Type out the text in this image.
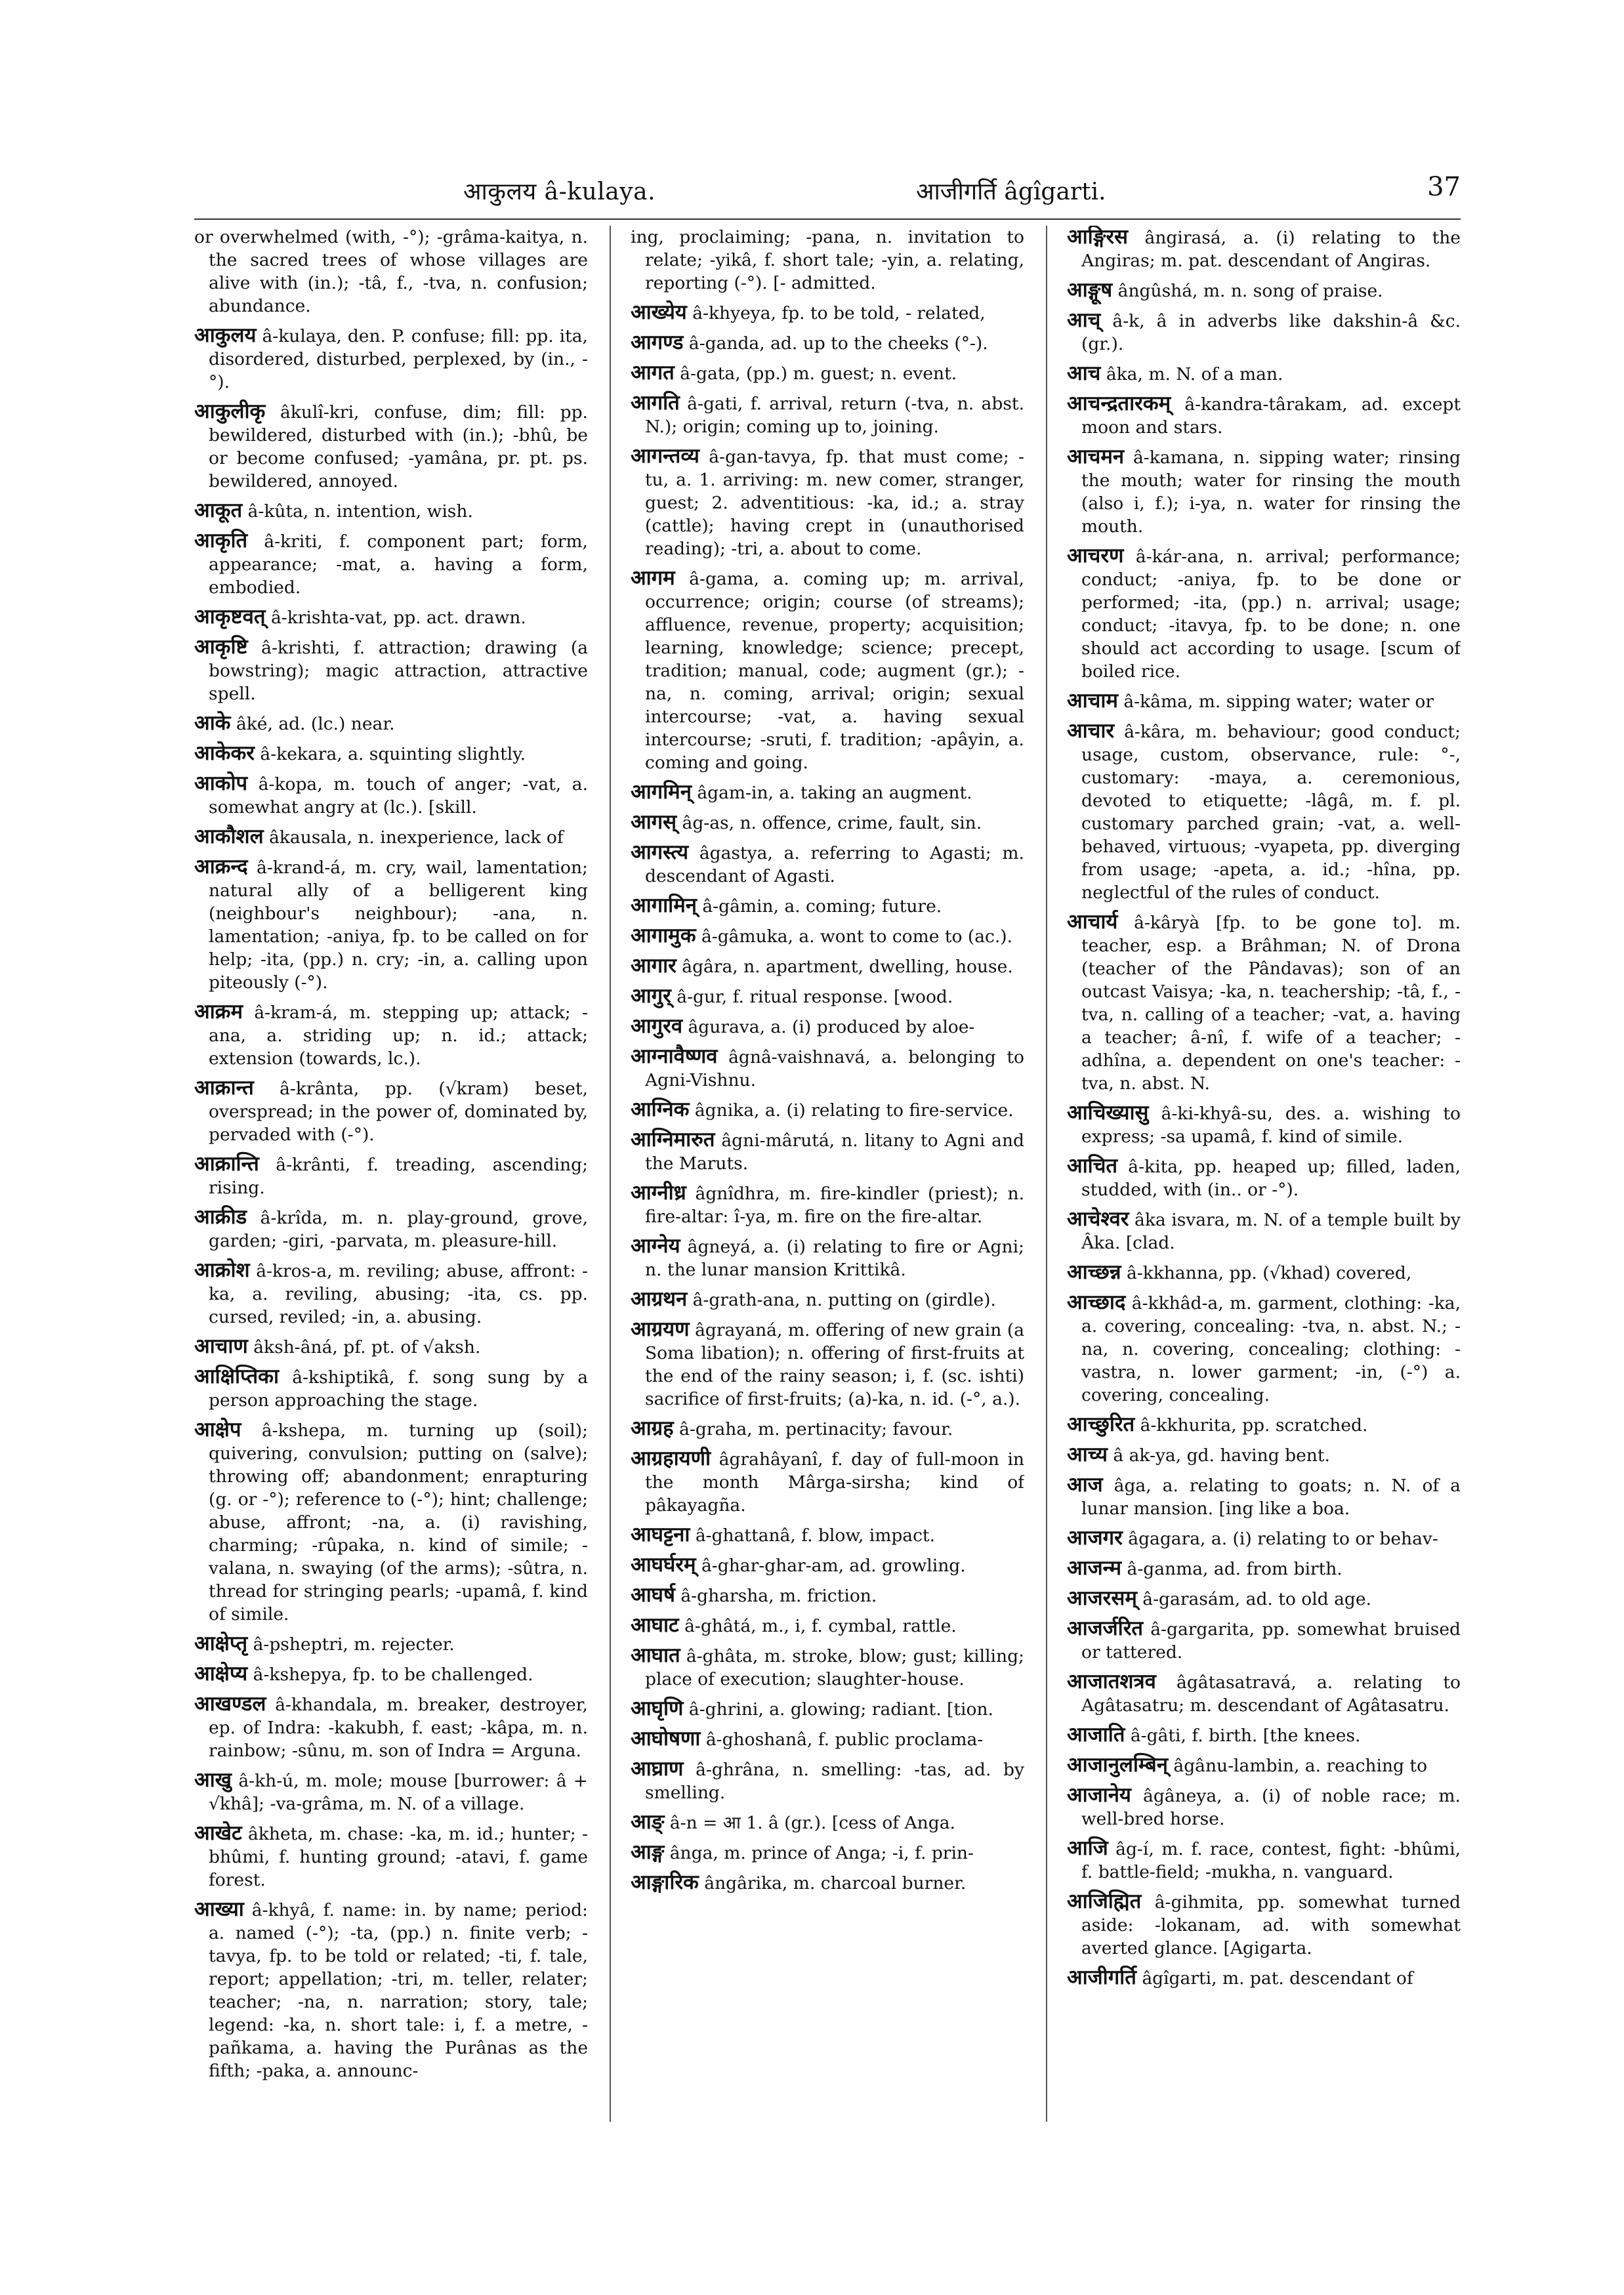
आकुलय â-kulaya.	आजीगर्ति âgîgarti.	37

or overwhelmed (with, -°); -grâma-kaitya, n. the sacred trees of whose villages are alive with (in.); -tâ, f., -tva, n. confusion; abundance.

आकुलय â-kulaya, den. P. confuse; fill: pp. ita, disordered, disturbed, perplexed, by (in., -°).

आकुलीकृ âkulî-kri, confuse, dim; fill: pp. bewildered, disturbed with (in.); -bhû, be or become confused; -yamâna, pr. pt. ps. bewildered, annoyed.

आकूत â-kûta, n. intention, wish.

आकृति â-kriti, f. component part; form, appearance; -mat, a. having a form, embodied.

आकृष्टवत् â-krishta-vat, pp. act. drawn.

आकृष्टि â-krishti, f. attraction; drawing (a bowstring); magic attraction, attractive spell.

आके âké, ad. (lc.) near.

आकेकर â-kekara, a. squinting slightly.

आकोप â-kopa, m. touch of anger; -vat, a. somewhat angry at (lc.). [skill.

आकौशल âkausala, n. inexperience, lack of

आक्रन्द â-krand-á, m. cry, wail, lamentation; natural ally of a belligerent king (neighbour's neighbour); -ana, n. lamentation; -aniya, fp. to be called on for help; -ita, (pp.) n. cry; -in, a. calling upon piteously (-°).

आक्रम â-kram-á, m. stepping up; attack; -ana, a. striding up; n. id.; attack; extension (towards, lc.).

आक्रान्त â-krânta, pp. (√kram) beset, overspread; in the power of, dominated by, pervaded with (-°).

आक्रान्ति â-krânti, f. treading, ascending; rising.

आक्रीड â-krîda, m. n. play-ground, grove, garden; -giri, -parvata, m. pleasure-hill.

आक्रोश â-kros-a, m. reviling; abuse, affront: -ka, a. reviling, abusing; -ita, cs. pp. cursed, reviled; -in, a. abusing.

आचाण âksh-âná, pf. pt. of √aksh.

आक्षिप्तिका â-kshiptikâ, f. song sung by a person approaching the stage.

आक्षेप â-kshepa, m. turning up (soil); quivering, convulsion; putting on (salve); throwing off; abandonment; enrapturing (g. or -°); reference to (-°); hint; challenge; abuse, affront; -na, a. (i) ravishing, charming; -rûpaka, n. kind of simile; -valana, n. swaying (of the arms); -sûtra, n. thread for stringing pearls; -upamâ, f. kind of simile.

आक्षेप्तृ â-psheptri, m. rejecter.

आक्षेप्य â-kshepya, fp. to be challenged.

आखण्डल â-khandala, m. breaker, destroyer, ep. of Indra: -kakubh, f. east; -kâpa, m. n. rainbow; -sûnu, m. son of Indra = Arguna.

आखु â-kh-ú, m. mole; mouse [burrower: â + √khâ]; -va-grâma, m. N. of a village.

आखेट âkheta, m. chase: -ka, m. id.; hunter; -bhûmi, f. hunting ground; -atavi, f. game forest.

आख्या â-khyâ, f. name: in. by name; period: a. named (-°); -ta, (pp.) n. finite verb; -tavya, fp. to be told or related; -ti, f. tale, report; appellation; -tri, m. teller, relater; teacher; -na, n. narration; story, tale; legend: -ka, n. short tale: i, f. a metre, -pañkama, a. having the Purânas as the fifth; -paka, a. announc-

ing, proclaiming; -pana, n. invitation to relate; -yikâ, f. short tale; -yin, a. relating, reporting (-°). [- admitted.

आख्येय â-khyeya, fp. to be told, - related,

आगण्ड â-ganda, ad. up to the cheeks (°-).

आगत â-gata, (pp.) m. guest; n. event.

आगति â-gati, f. arrival, return (-tva, n. abst. N.); origin; coming up to, joining.

आगन्तव्य â-gan-tavya, fp. that must come; -tu, a. 1. arriving: m. new comer, stranger, guest; 2. adventitious: -ka, id.; a. stray (cattle); having crept in (unauthorised reading); -tri, a. about to come.

आगम â-gama, a. coming up; m. arrival, occurrence; origin; course (of streams); affluence, revenue, property; acquisition; learning, knowledge; science; precept, tradition; manual, code; augment (gr.); -na, n. coming, arrival; origin; sexual intercourse; -vat, a. having sexual intercourse; -sruti, f. tradition; -apâyin, a. coming and going.

आगमिन् âgam-in, a. taking an augment.

आगस् âg-as, n. offence, crime, fault, sin.

आगस्त्य âgastya, a. referring to Agasti; m. descendant of Agasti.

आगामिन् â-gâmin, a. coming; future.

आगामुक â-gâmuka, a. wont to come to (ac.).

आगार âgâra, n. apartment, dwelling, house.

आगुर् â-gur, f. ritual response. [wood.

आगुरव âgurava, a. (i) produced by aloe-

आग्नावैष्णव âgnâ-vaishnavá, a. belonging to Agni-Vishnu.

आग्निक âgnika, a. (i) relating to fire-service.

आग्निमारुत âgni-mârutá, n. litany to Agni and the Maruts.

आग्नीध्र âgnîdhra, m. fire-kindler (priest); n. fire-altar: î-ya, m. fire on the fire-altar.

आग्नेय âgneyá, a. (i) relating to fire or Agni; n. the lunar mansion Krittikâ.

आग्रथन â-grath-ana, n. putting on (girdle).

आग्रयण âgrayaná, m. offering of new grain (a Soma libation); n. offering of first-fruits at the end of the rainy season; i, f. (sc. ishti) sacrifice of first-fruits; (a)-ka, n. id. (-°, a.).

आग्रह â-graha, m. pertinacity; favour.

आग्रहायणी âgrahâyanî, f. day of full-moon in the month Mârga-sirsha; kind of pâkayagña.

आघट्टना â-ghattanâ, f. blow, impact.

आघर्घरम् â-ghar-ghar-am, ad. growling.

आघर्ष â-gharsha, m. friction.

आघाट â-ghâtá, m., i, f. cymbal, rattle.

आघात â-ghâta, m. stroke, blow; gust; killing; place of execution; slaughter-house.

आघृणि â-ghrini, a. glowing; radiant. [tion.

आघोषणा â-ghoshanâ, f. public proclama-

आघ्राण â-ghrâna, n. smelling: -tas, ad. by smelling.

आङ् â-n = आ 1. â (gr.). [cess of Anga.

आङ्ग ânga, m. prince of Anga; -i, f. prin-

आङ्गारिक ângârika, m. charcoal burner.

आङ्गिरस ângirasá, a. (i) relating to the Angiras; m. pat. descendant of Angiras.

आङ्गूष ângûshá, m. n. song of praise.

आच् â-k, â in adverbs like dakshin-â &c. (gr.).

आच âka, m. N. of a man.

आचन्द्रतारकम् â-kandra-târakam, ad. except moon and stars.

आचमन â-kamana, n. sipping water; rinsing the mouth; water for rinsing the mouth (also i, f.); i-ya, n. water for rinsing the mouth.

आचरण â-kár-ana, n. arrival; performance; conduct; -aniya, fp. to be done or performed; -ita, (pp.) n. arrival; usage; conduct; -itavya, fp. to be done; n. one should act according to usage. [scum of boiled rice.

आचाम â-kâma, m. sipping water; water or

आचार â-kâra, m. behaviour; good conduct; usage, custom, observance, rule: °-, customary: -maya, a. ceremonious, devoted to etiquette; -lâgâ, m. f. pl. customary parched grain; -vat, a. well-behaved, virtuous; -vyapeta, pp. diverging from usage; -apeta, a. id.; -hîna, pp. neglectful of the rules of conduct.

आचार्य â-kâryà [fp. to be gone to]. m. teacher, esp. a Brâhman; N. of Drona (teacher of the Pândavas); son of an outcast Vaisya; -ka, n. teachership; -tâ, f., -tva, n. calling of a teacher; -vat, a. having a teacher; â-nî, f. wife of a teacher; -adhîna, a. dependent on one's teacher: -tva, n. abst. N.

आचिख्यासु â-ki-khyâ-su, des. a. wishing to express; -sa upamâ, f. kind of simile.

आचित â-kita, pp. heaped up; filled, laden, studded, with (in.. or -°).

आचेश्वर âka isvara, m. N. of a temple built by Âka. [clad.

आच्छन्न â-kkhanna, pp. (√khad) covered,

आच्छाद â-kkhâd-a, m. garment, clothing: -ka, a. covering, concealing: -tva, n. abst. N.; -na, n. covering, concealing; clothing: -vastra, n. lower garment; -in, (-°) a. covering, concealing.

आच्छुरित â-kkhurita, pp. scratched.

आच्य â ak-ya, gd. having bent.

आज âga, a. relating to goats; n. N. of a lunar mansion. [ing like a boa.

आजगर âgagara, a. (i) relating to or behav-

आजन्म â-ganma, ad. from birth.

आजरसम् â-garasám, ad. to old age.

आजर्जरित â-gargarita, pp. somewhat bruised or tattered.

आजातशत्रव âgâtasatravá, a. relating to Agâtasatru; m. descendant of Agâtasatru.

आजाति â-gâti, f. birth. [the knees.

आजानुलम्बिन् âgânu-lambin, a. reaching to

आजानेय âgâneya, a. (i) of noble race; m. well-bred horse.

आजि âg-í, m. f. race, contest, fight: -bhûmi, f. battle-field; -mukha, n. vanguard.

आजिह्मित â-gihmita, pp. somewhat turned aside: -lokanam, ad. with somewhat averted glance. [Agigarta.

आजीगर्ति âgîgarti, m. pat. descendant of
